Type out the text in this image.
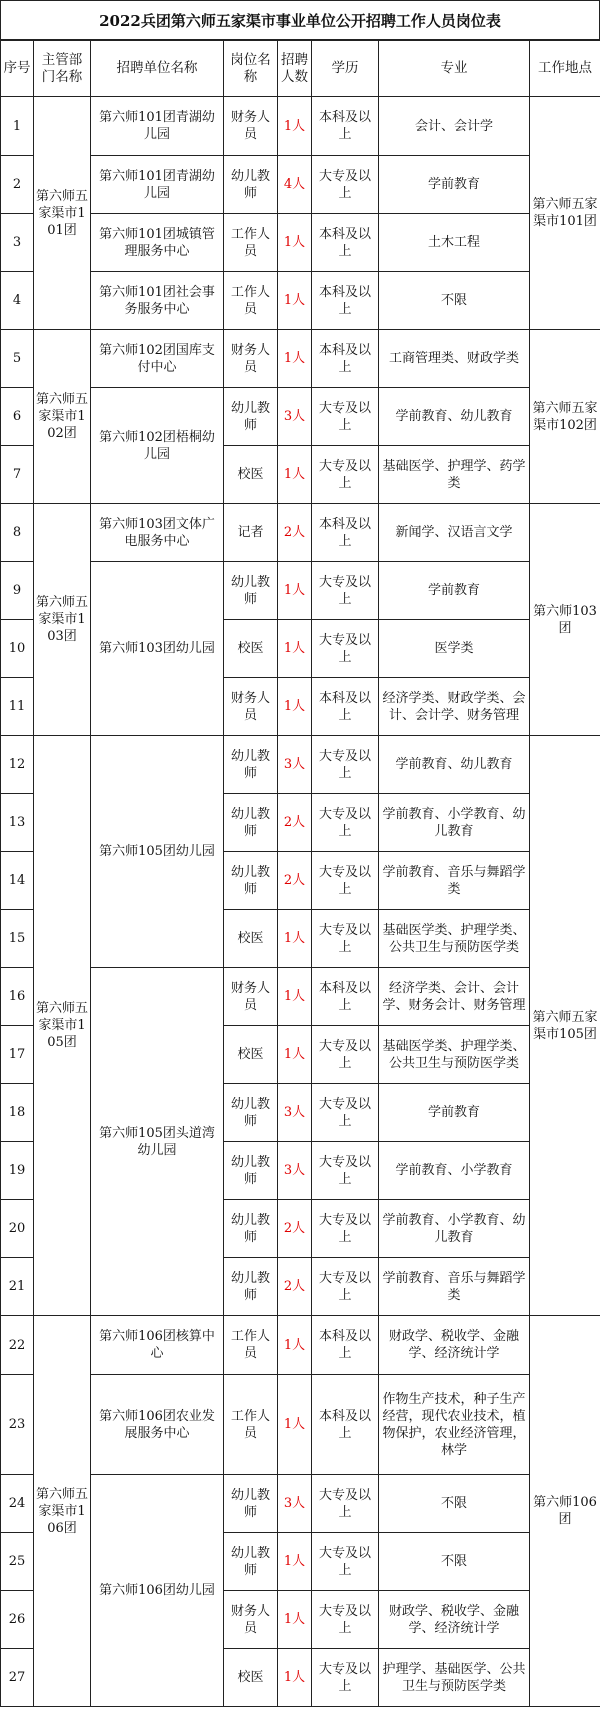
2022兵团第六师五家渠市事业单位公开招聘工作人员岗位表
序号	主管部门名称	招聘单位名称	岗位名称	招聘人数	学历	专业	工作地点
1	第六师五家渠市101团	第六师101团青湖幼儿园	财务人员	1人	本科及以上	会计、会计学	第六师五家渠市101团
2		第六师101团青湖幼儿园	幼儿教师	4人	大专及以上	学前教育	
3		第六师101团城镇管理服务中心	工作人员	1人	本科及以上	土木工程	
4		第六师101团社会事务服务中心	工作人员	1人	本科及以上	不限	
5	第六师五家渠市102团	第六师102团国库支付中心	财务人员	1人	本科及以上	工商管理类、财政学类	第六师五家渠市102团
6		第六师102团梧桐幼儿园	幼儿教师	3人	大专及以上	学前教育、幼儿教育	
7			校医	1人	大专及以上	基础医学、护理学、药学类	
8	第六师五家渠市103团	第六师103团文体广电服务中心	记者	2人	本科及以上	新闻学、汉语言文学	第六师103团
9		第六师103团幼儿园	幼儿教师	1人	大专及以上	学前教育	
10			校医	1人	大专及以上	医学类	
11			财务人员	1人	本科及以上	经济学类、财政学类、会计、会计学、财务管理	
12	第六师五家渠市105团	第六师105团幼儿园	幼儿教师	3人	大专及以上	学前教育、幼儿教育	第六师五家渠市105团
13			幼儿教师	2人	大专及以上	学前教育、小学教育、幼儿教育	
14			幼儿教师	2人	大专及以上	学前教育、音乐与舞蹈学类	
15			校医	1人	大专及以上	基础医学类、护理学类、公共卫生与预防医学类	
16		第六师105团头道湾幼儿园	财务人员	1人	本科及以上	经济学类、会计、会计学、财务会计、财务管理	
17			校医	1人	大专及以上	基础医学类、护理学类、公共卫生与预防医学类	
18			幼儿教师	3人	大专及以上	学前教育	
19			幼儿教师	3人	大专及以上	学前教育、小学教育	
20			幼儿教师	2人	大专及以上	学前教育、小学教育、幼儿教育	
21			幼儿教师	2人	大专及以上	学前教育、音乐与舞蹈学类	
22	第六师五家渠市106团	第六师106团核算中心	工作人员	1人	本科及以上	财政学、税收学、金融学、经济统计学	第六师106团
23		第六师106团农业发展服务中心	工作人员	1人	本科及以上	作物生产技术，种子生产经营，现代农业技术，植物保护，农业经济管理，林学	
24		第六师106团幼儿园	幼儿教师	3人	大专及以上	不限	
25			幼儿教师	1人	大专及以上	不限	
26			财务人员	1人	大专及以上	财政学、税收学、金融学、经济统计学	
27			校医	1人	大专及以上	护理学、基础医学、公共卫生与预防医学类	
